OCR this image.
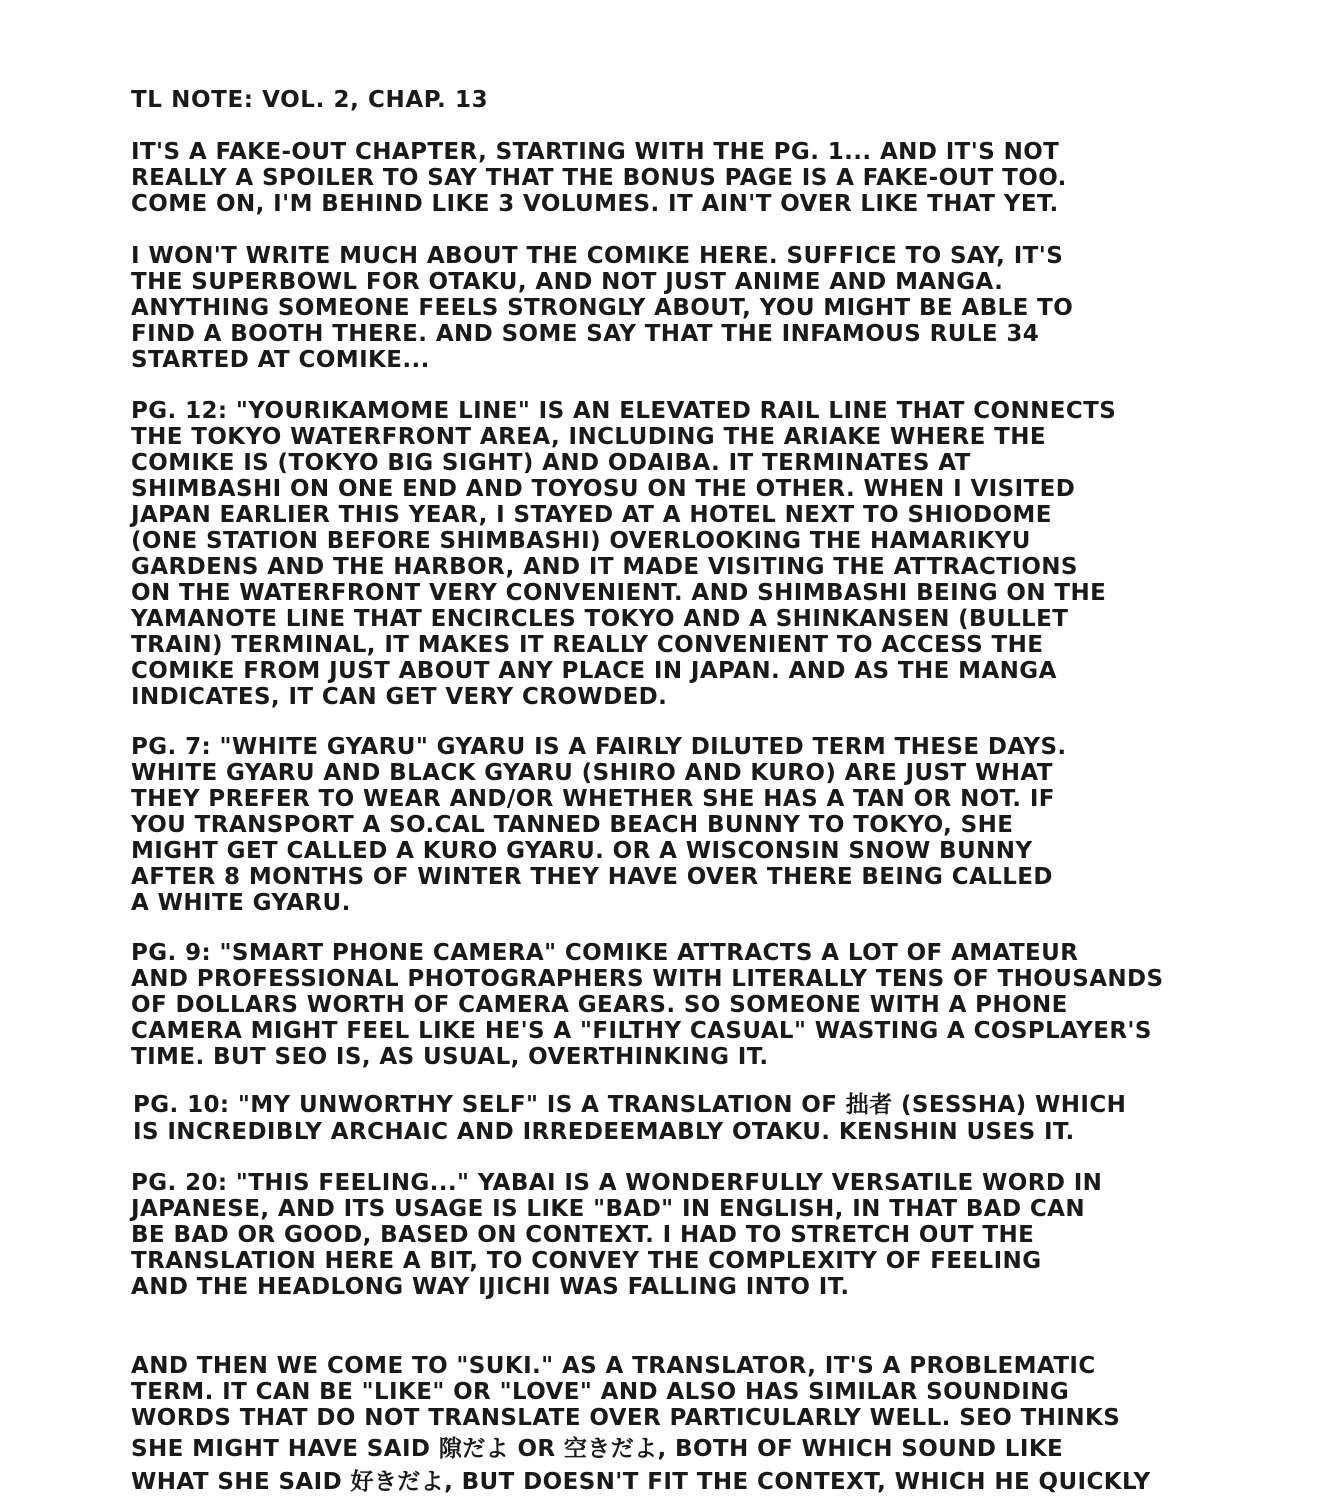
TL NOTE: VOL. 2, CHAP. 13
IT'S A FAKE-OUT CHAPTER, STARTING WITH THE PG. 1... AND IT'S NOT
REALLY A SPOILER TO SAY THAT THE BONUS PAGE IS A FAKE-OUT TOO.
COME ON, I'M BEHIND LIKE 3 VOLUMES. IT AIN'T OVER LIKE THAT YET.
I WON'T WRITE MUCH ABOUT THE COMIKE HERE. SUFFICE TO SAY, IT'S
THE SUPERBOWL FOR OTAKU, AND NOT JUST ANIME AND MANGA.
ANYTHING SOMEONE FEELS STRONGLY ABOUT, YOU MIGHT BE ABLE TO
FIND A BOOTH THERE. AND SOME SAY THAT THE INFAMOUS RULE 34
STARTED AT COMIKE...
PG. 12: "YOURIKAMOME LINE" IS AN ELEVATED RAIL LINE THAT CONNECTS
THE TOKYO WATERFRONT AREA, INCLUDING THE ARIAKE WHERE THE
COMIKE IS (TOKYO BIG SIGHT) AND ODAIBA. IT TERMINATES AT
SHIMBASHI ON ONE END AND TOYOSU ON THE OTHER. WHEN I VISITED
JAPAN EARLIER THIS YEAR, I STAYED AT A HOTEL NEXT TO SHIODOME
(ONE STATION BEFORE SHIMBASHI) OVERLOOKING THE HAMARIKYU
GARDENS AND THE HARBOR, AND IT MADE VISITING THE ATTRACTIONS
ON THE WATERFRONT VERY CONVENIENT. AND SHIMBASHI BEING ON THE
YAMANOTE LINE THAT ENCIRCLES TOKYO AND A SHINKANSEN (BULLET
TRAIN) TERMINAL, IT MAKES IT REALLY CONVENIENT TO ACCESS THE
COMIKE FROM JUST ABOUT ANY PLACE IN JAPAN. AND AS THE MANGA
INDICATES, IT CAN GET VERY CROWDED.
PG. 7: "WHITE GYARU" GYARU IS A FAIRLY DILUTED TERM THESE DAYS.
WHITE GYARU AND BLACK GYARU (SHIRO AND KURO) ARE JUST WHAT
THEY PREFER TO WEAR AND/OR WHETHER SHE HAS A TAN OR NOT. IF
YOU TRANSPORT A SO.CAL TANNED BEACH BUNNY TO TOKYO, SHE
MIGHT GET CALLED A KURO GYARU. OR A WISCONSIN SNOW BUNNY
AFTER 8 MONTHS OF WINTER THEY HAVE OVER THERE BEING CALLED
A WHITE GYARU.
PG. 9: "SMART PHONE CAMERA" COMIKE ATTRACTS A LOT OF AMATEUR
AND PROFESSIONAL PHOTOGRAPHERS WITH LITERALLY TENS OF THOUSANDS
OF DOLLARS WORTH OF CAMERA GEARS. SO SOMEONE WITH A PHONE
CAMERA MIGHT FEEL LIKE HE'S A "FILTHY CASUAL" WASTING A COSPLAYER'S
TIME. BUT SEO IS, AS USUAL, OVERTHINKING IT.
PG. 10: "MY UNWORTHY SELF" IS A TRANSLATION OF 拙者 (SESSHA) WHICH
IS INCREDIBLY ARCHAIC AND IRREDEEMABLY OTAKU. KENSHIN USES IT.
PG. 20: "THIS FEELING..." YABAI IS A WONDERFULLY VERSATILE WORD IN
JAPANESE, AND ITS USAGE IS LIKE "BAD" IN ENGLISH, IN THAT BAD CAN
BE BAD OR GOOD, BASED ON CONTEXT. I HAD TO STRETCH OUT THE
TRANSLATION HERE A BIT, TO CONVEY THE COMPLEXITY OF FEELING
AND THE HEADLONG WAY IJICHI WAS FALLING INTO IT.
AND THEN WE COME TO "SUKI." AS A TRANSLATOR, IT'S A PROBLEMATIC
TERM. IT CAN BE "LIKE" OR "LOVE" AND ALSO HAS SIMILAR SOUNDING
WORDS THAT DO NOT TRANSLATE OVER PARTICULARLY WELL. SEO THINKS
SHE MIGHT HAVE SAID 隙だよ OR 空きだよ, BOTH OF WHICH SOUND LIKE
WHAT SHE SAID 好きだよ, BUT DOESN'T FIT THE CONTEXT, WHICH HE QUICKLY
